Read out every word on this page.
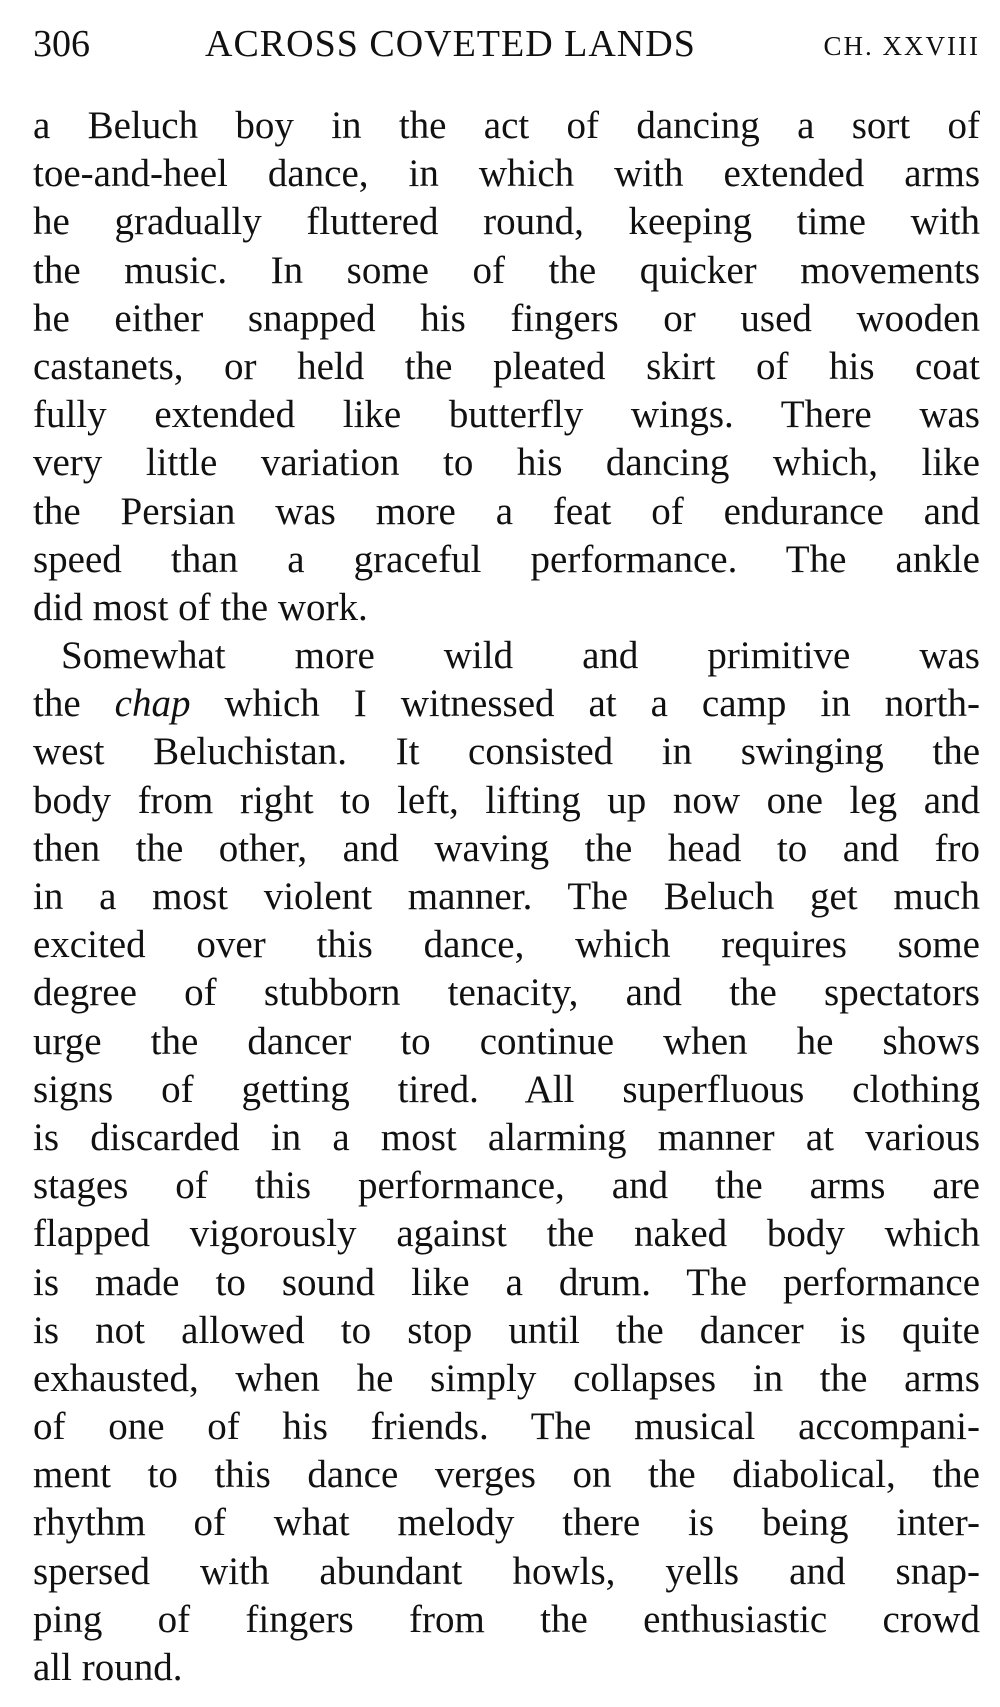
306	ACROSS COVETED LANDS	CH. XXVIII
a Beluch boy in the act of dancing a sort of
toe-and-heel dance, in which with extended arms
he gradually fluttered round, keeping time with
the music. In some of the quicker movements
he either snapped his fingers or used wooden
castanets, or held the pleated skirt of his coat
fully extended like butterfly wings. There was
very little variation to his dancing which, like
the Persian was more a feat of endurance and
speed than a graceful performance. The ankle
did most of the work.
Somewhat more wild and primitive was
the chap which I witnessed at a camp in north-
west Beluchistan. It consisted in swinging the
body from right to left, lifting up now one leg and
then the other, and waving the head to and fro
in a most violent manner. The Beluch get much
excited over this dance, which requires some
degree of stubborn tenacity, and the spectators
urge the dancer to continue when he shows
signs of getting tired. All superfluous clothing
is discarded in a most alarming manner at various
stages of this performance, and the arms are
flapped vigorously against the naked body which
is made to sound like a drum. The performance
is not allowed to stop until the dancer is quite
exhausted, when he simply collapses in the arms
of one of his friends. The musical accompani-
ment to this dance verges on the diabolical, the
rhythm of what melody there is being inter-
spersed with abundant howls, yells and snap-
ping of fingers from the enthusiastic crowd
all round.
